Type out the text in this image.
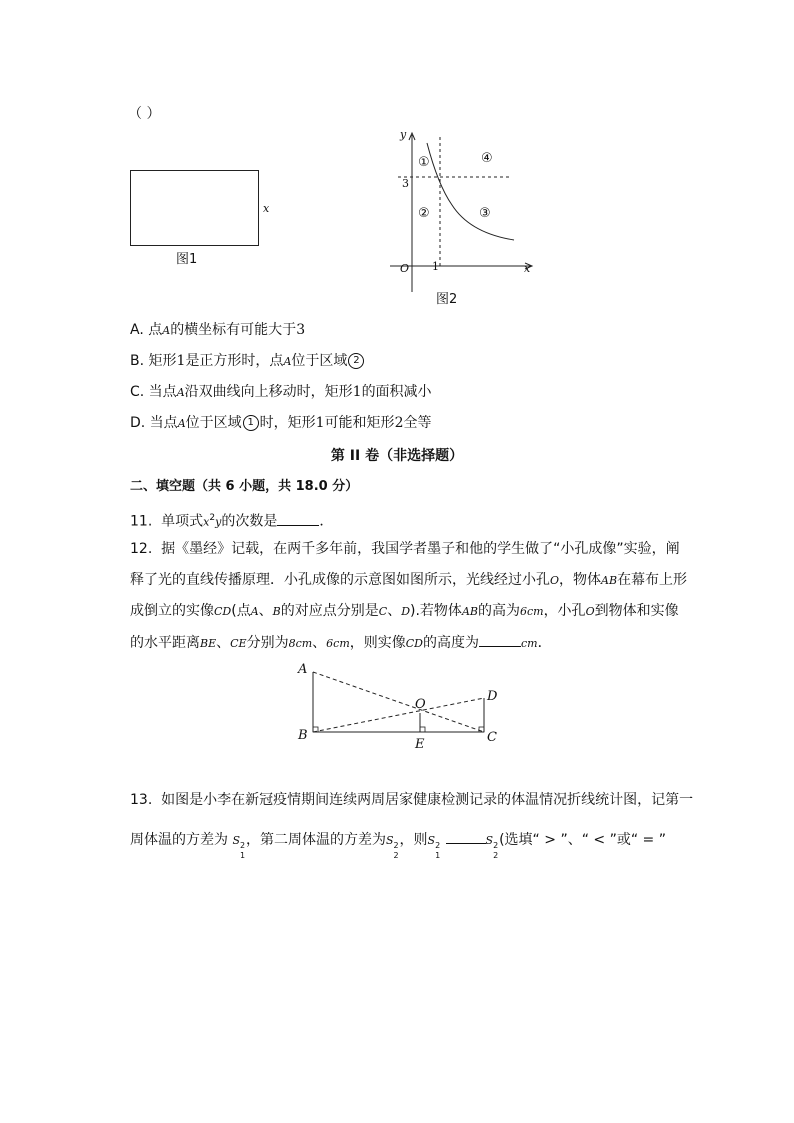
（ ）
x
图1
y
x
O
3
1
①
②	③
④
图2
A. 点A的横坐标有可能大于3
B. 矩形1是正方形时，点A位于区域 2
C. 当点A沿双曲线向上移动时，矩形1的面积减小
D. 当点A位于区域 1 时，矩形1可能和矩形2全等
第 II 卷（非选择题）
二、填空题（共 6 小题，共 18.0 分）
11. 单项式$x^2y$的次数是	．
12. 据《墨经》记载，在两千多年前，我国学者墨子和他的学生做了“小孔成像”实验，阐
释了光的直线传播原理．小孔成像的示意图如图所示，光线经过小孔O，物体AB在幕布上形
成倒立的实像CD(点A、B的对应点分别是C、D).若物体AB的高为6cm，小孔O到物体和实像
的水平距离BE、CE分别为8cm、6cm，则实像CD的高度为	cm．
A
B	C
D
E
O
13. 如图是小李在新冠疫情期间连续两周居家健康检测记录的体温情况折线统计图，记第一
周体温的方差为 S 2
1
，第二周体温的方差为S 2
2
，则S 2
1
S 2
2
(选填“ > ”、“ < ”或“ = ”
